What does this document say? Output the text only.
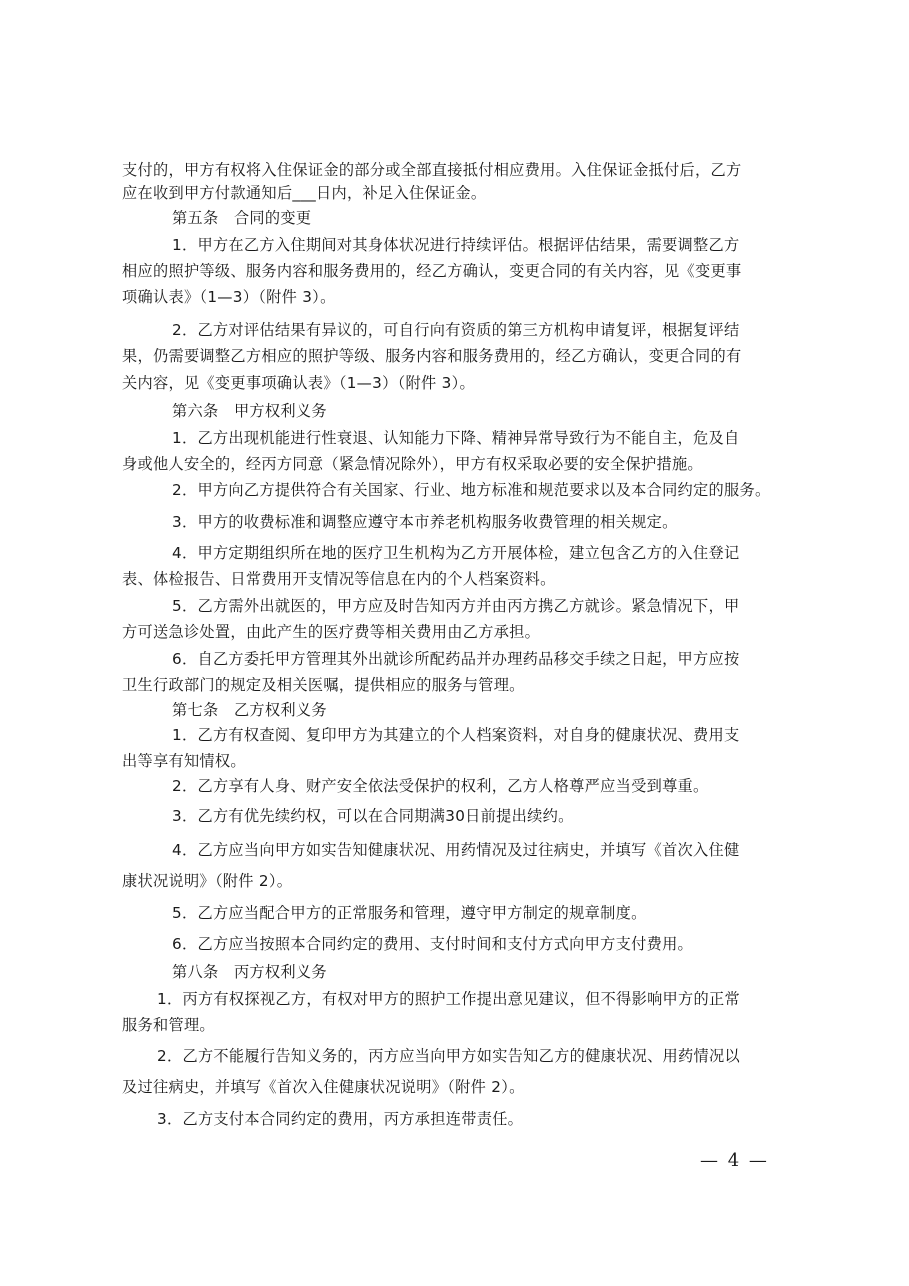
支付的，甲方有权将入住保证金的部分或全部直接抵付相应费用。入住保证金抵付后，乙方
应在收到甲方付款通知后___日内，补足入住保证金。
第五条　合同的变更
1．甲方在乙方入住期间对其身体状况进行持续评估。根据评估结果，需要调整乙方
相应的照护等级、服务内容和服务费用的，经乙方确认，变更合同的有关内容，见《变更事
项确认表》（1—3）（附件 3）。
2．乙方对评估结果有异议的，可自行向有资质的第三方机构申请复评，根据复评结
果，仍需要调整乙方相应的照护等级、服务内容和服务费用的，经乙方确认，变更合同的有
关内容，见《变更事项确认表》（1—3）（附件 3）。
第六条　甲方权利义务
1．乙方出现机能进行性衰退、认知能力下降、精神异常导致行为不能自主，危及自
身或他人安全的，经丙方同意（紧急情况除外），甲方有权采取必要的安全保护措施。
2．甲方向乙方提供符合有关国家、行业、地方标准和规范要求以及本合同约定的服务。
3．甲方的收费标准和调整应遵守本市养老机构服务收费管理的相关规定。
4．甲方定期组织所在地的医疗卫生机构为乙方开展体检，建立包含乙方的入住登记
表、体检报告、日常费用开支情况等信息在内的个人档案资料。
5．乙方需外出就医的，甲方应及时告知丙方并由丙方携乙方就诊。紧急情况下，甲
方可送急诊处置，由此产生的医疗费等相关费用由乙方承担。
6．自乙方委托甲方管理其外出就诊所配药品并办理药品移交手续之日起，甲方应按
卫生行政部门的规定及相关医嘱，提供相应的服务与管理。
第七条　乙方权利义务
1．乙方有权查阅、复印甲方为其建立的个人档案资料，对自身的健康状况、费用支
出等享有知情权。
2．乙方享有人身、财产安全依法受保护的权利，乙方人格尊严应当受到尊重。
3．乙方有优先续约权，可以在合同期满30日前提出续约。
4．乙方应当向甲方如实告知健康状况、用药情况及过往病史，并填写《首次入住健
康状况说明》（附件 2）。
5．乙方应当配合甲方的正常服务和管理，遵守甲方制定的规章制度。
6．乙方应当按照本合同约定的费用、支付时间和支付方式向甲方支付费用。
第八条　丙方权利义务
1．丙方有权探视乙方，有权对甲方的照护工作提出意见建议，但不得影响甲方的正常
服务和管理。
2．乙方不能履行告知义务的，丙方应当向甲方如实告知乙方的健康状况、用药情况以
及过往病史，并填写《首次入住健康状况说明》（附件 2）。
3．乙方支付本合同约定的费用，丙方承担连带责任。
— 4 —
